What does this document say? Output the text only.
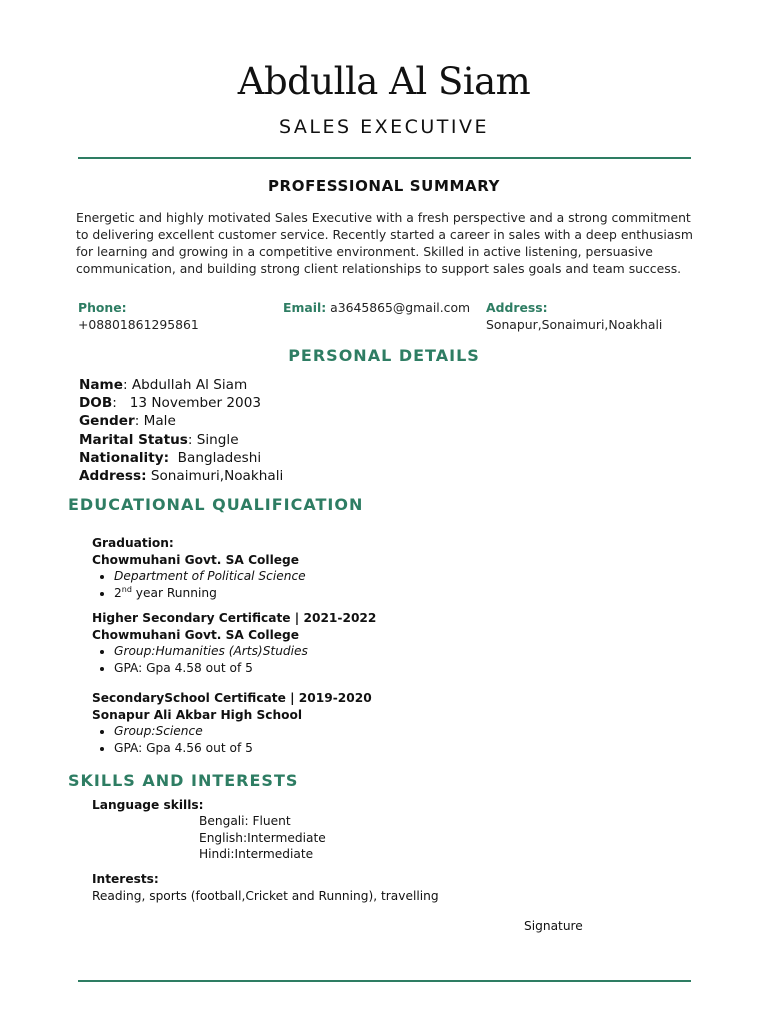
Abdulla Al Siam
SALES EXECUTIVE
PROFESSIONAL SUMMARY

Energetic and highly motivated Sales Executive with a fresh perspective and a strong commitment to delivering excellent customer service. Recently started a career in sales with a deep enthusiasm for learning and growing in a competitive environment. Skilled in active listening, persuasive communication, and building strong client relationships to support sales goals and team success.

Phone:
+08801861295861
Email: a3645865@gmail.com Address:
Sonapur,Sonaimuri,Noakhali
PERSONAL DETAILS
Name: Abdullah Al Siam
DOB:   13 November 2003
Gender: Male
Marital Status: Single
Nationality: Bangladeshi
Address: Sonaimuri,Noakhali
EDUCATIONAL QUALIFICATION
Graduation:
Chowmuhani Govt. SA College
• Department of Political Science
• 2nd year Running
Higher Secondary Certificate | 2021-2022
Chowmuhani Govt. SA College
• Group:Humanities (Arts)Studies
• GPA: Gpa 4.58 out of 5
SecondarySchool Certificate | 2019-2020
Sonapur Ali Akbar High School
• Group:Science
• GPA: Gpa 4.56 out of 5
SKILLS AND INTERESTS
Language skills:
Bengali: Fluent
English:Intermediate
Hindi:Intermediate
Interests:
Reading, sports (football,Cricket and Running), travelling
Signature
